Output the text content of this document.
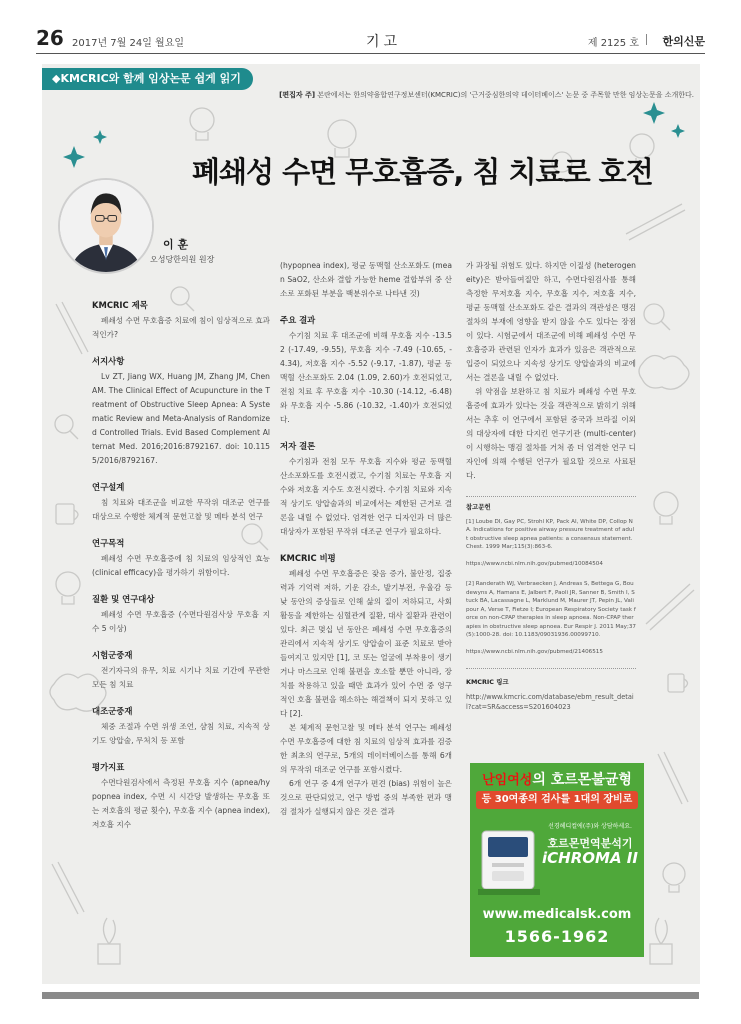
26 2017년 7월 24일 월요일	기고	제 2125 호 한의신문
◆KMCRIC와 함께 임상논문 쉽게 읽기
[편집자 주] 본란에서는 한의약융합연구정보센터(KMCRIC)의 '근거중심한의약 데이터베이스' 논문 중 주목할 만한 임상논문을 소개한다.
폐쇄성 수면 무호흡증, 침 치료로 호전
이 훈
오성당한의원 원장
KMCRIC 제목

폐쇄성 수면 무호흡증 치료에 침이 임상적으로 효과적인가?

서지사항

Lv ZT, Jiang WX, Huang JM, Zhang JM, Chen AM. The Clinical Effect of Acupuncture in the Treatment of Obstructive Sleep Apnea: A Systematic Review and Meta-Analysis of Randomized Controlled Trials. Evid Based Complement Alternat Med. 2016;2016:8792167. doi: 10.1155/2016/8792167.

연구설계

침 치료와 대조군을 비교한 무작위 대조군 연구를 대상으로 수행한 체계적 문헌고찰 및 메타 분석 연구

연구목적

폐쇄성 수면 무호흡증에 침 치료의 임상적인 효능 (clinical efficacy)을 평가하기 위함이다.

질환 및 연구대상

폐쇄성 수면 무호흡증 (수면다원검사상 무호흡 지수 5 이상)

시험군중재

전기자극의 유무, 치료 시기나 치료 기간에 무관한 모든 침 치료

대조군중재

체중 조절과 수면 위생 조언, 샴침 치료, 지속적 상기도 양압술, 무처치 등 포함

평가지표

수면다원검사에서 측정된 무호흡 지수 (apnea/hypopnea index, 수면 시 시간당 발생하는 무호흡 또는 저호흡의 평균 횟수), 무호흡 지수 (apnea index), 저호흡 지수

(hypopnea index), 평균 동맥혈 산소포화도 (mean SaO2, 산소와 결합 가능한 heme 결합부위 중 산소로 포화된 부분을 백분위수로 나타낸 것)

주요 결과

수기침 치료 후 대조군에 비해 무호흡 지수 -13.52 (-17.49, -9.55), 무호흡 지수 -7.49 (-10.65, -4.34), 저호흡 지수 -5.52 (-9.17, -1.87), 평균 동맥혈 산소포화도 2.04 (1.09, 2.60)가 호전되었고, 전침 치료 후 무호흡 지수 -10.30 (-14.12, -6.48)와 무호흡 지수 -5.86 (-10.32, -1.40)가 호전되었다.

저자 결론

수기침과 전침 모두 무호흡 지수와 평균 동맥혈 산소포화도를 호전시켰고, 수기침 치료는 무호흡 지수와 저호흡 지수도 호전시켰다. 수기침 치료와 지속적 상기도 양압술과의 비교에서는 제한된 근거로 결론을 내릴 수 없었다. 엄격한 연구 디자인과 더 많은 대상자가 포함된 무작위 대조군 연구가 필요하다.

KMCRIC 비평

폐쇄성 수면 무호흡증은 잦음 증가, 불안정, 집중력과 기억력 저하, 기운 감소, 발기부전, 우울감 등 낮 동안의 증상들로 인해 삶의 질이 저하되고, 사회 활동을 제한하는 심혈관계 질환, 대사 질환과 관련이 있다. 최근 몇십 년 동안은 폐쇄성 수면 무호흡증의 관리에서 지속적 상기도 양압술이 표준 치료로 받아들여지고 있지만 [1], 코 또는 얼굴에 부착용이 생기거나 마스크로 인해 불편을 호소할 뿐만 아니라, 장치를 착용하고 있을 때만 효과가 있어 수면 중 영구적인 호흡 불편을 해소하는 해결책이 되지 못하고 있다 [2].

본 체계적 문헌고찰 및 메타 분석 연구는 폐쇄성 수면 무호흡증에 대한 침 치료의 임상적 효과를 검증한 최초의 연구로, 5개의 데이터베이스를 통해 6개의 무작위 대조군 연구를 포함시켰다.

6개 연구 중 4개 연구가 편견 (bias) 위험이 높은 것으로 판단되었고, 연구 방법 중의 부족한 편과 맹검 절차가 실행되지 않은 것은 결과

가 과장될 위험도 있다. 하지만 이질성 (heterogeneity)은 받아들여질만 하고, 수면다원검사를 통해 측정한 무저호흡 지수, 무호흡 지수, 저호흡 지수, 평균 동맥혈 산소포화도 같은 결과의 객관성은 맹검 절차의 부재에 영향을 받지 않을 수도 있다는 장점이 있다. 시험군에서 대조군에 비해 폐쇄성 수면 무호흡증과 관련된 인자가 효과가 있음은 객관적으로 입증이 되었으나 지속성 상기도 양압술과의 비교에서는 결론을 내릴 수 없었다.

위 약점을 보완하고 침 치료가 폐쇄성 수면 무호흡증에 효과가 있다는 것을 객관적으로 밝히기 위해서는 추후 이 연구에서 포함된 중국과 브라질 이외의 대상자에 대한 다지킨 연구기관 (multi-center)이 시행하는 맹검 절차를 거쳐 좀 더 엄격한 연구 디자인에 의해 수행된 연구가 필요할 것으로 사료된다.

참고문헌

[1] Loube DI, Gay PC, Strohl KP, Pack AI, White DP, Collop NA. Indications for positive airway pressure treatment of adult obstructive sleep apnea patients: a consensus statement. Chest. 1999 Mar;115(3):863-6.

https://www.ncbi.nlm.nih.gov/pubmed/10084504

[2] Randerath WJ, Verbraecken J, Andreas S, Bettega G, Boudewyns A, Hamans E, Jalbert F, Paoli JR, Sanner B, Smith I, Stuck BA, Lacassagne L, Marklund M, Maurer JT, Pepin JL, Valipour A, Verse T, Fietze I; European Respiratory Society task force on non-CPAP therapies in sleep apnoea. Non-CPAP therapies in obstructive sleep apnoea. Eur Respir J. 2011 May;37(5):1000-28. doi: 10.1183/09031936.00099710.

https://www.ncbi.nlm.nih.gov/pubmed/21406515

KMCRIC 링크

http://www.kmcric.com/database/ebm_result_detail?cat=SR&access=S201604023

난임여성의 호르몬불균형
등 30여종의 검사를 1대의 장비로
선경헤디컬에(주)와 상담하세요.
호르몬면역분석기
iCHROMA II
www.medicalsk.com
1566-1962
